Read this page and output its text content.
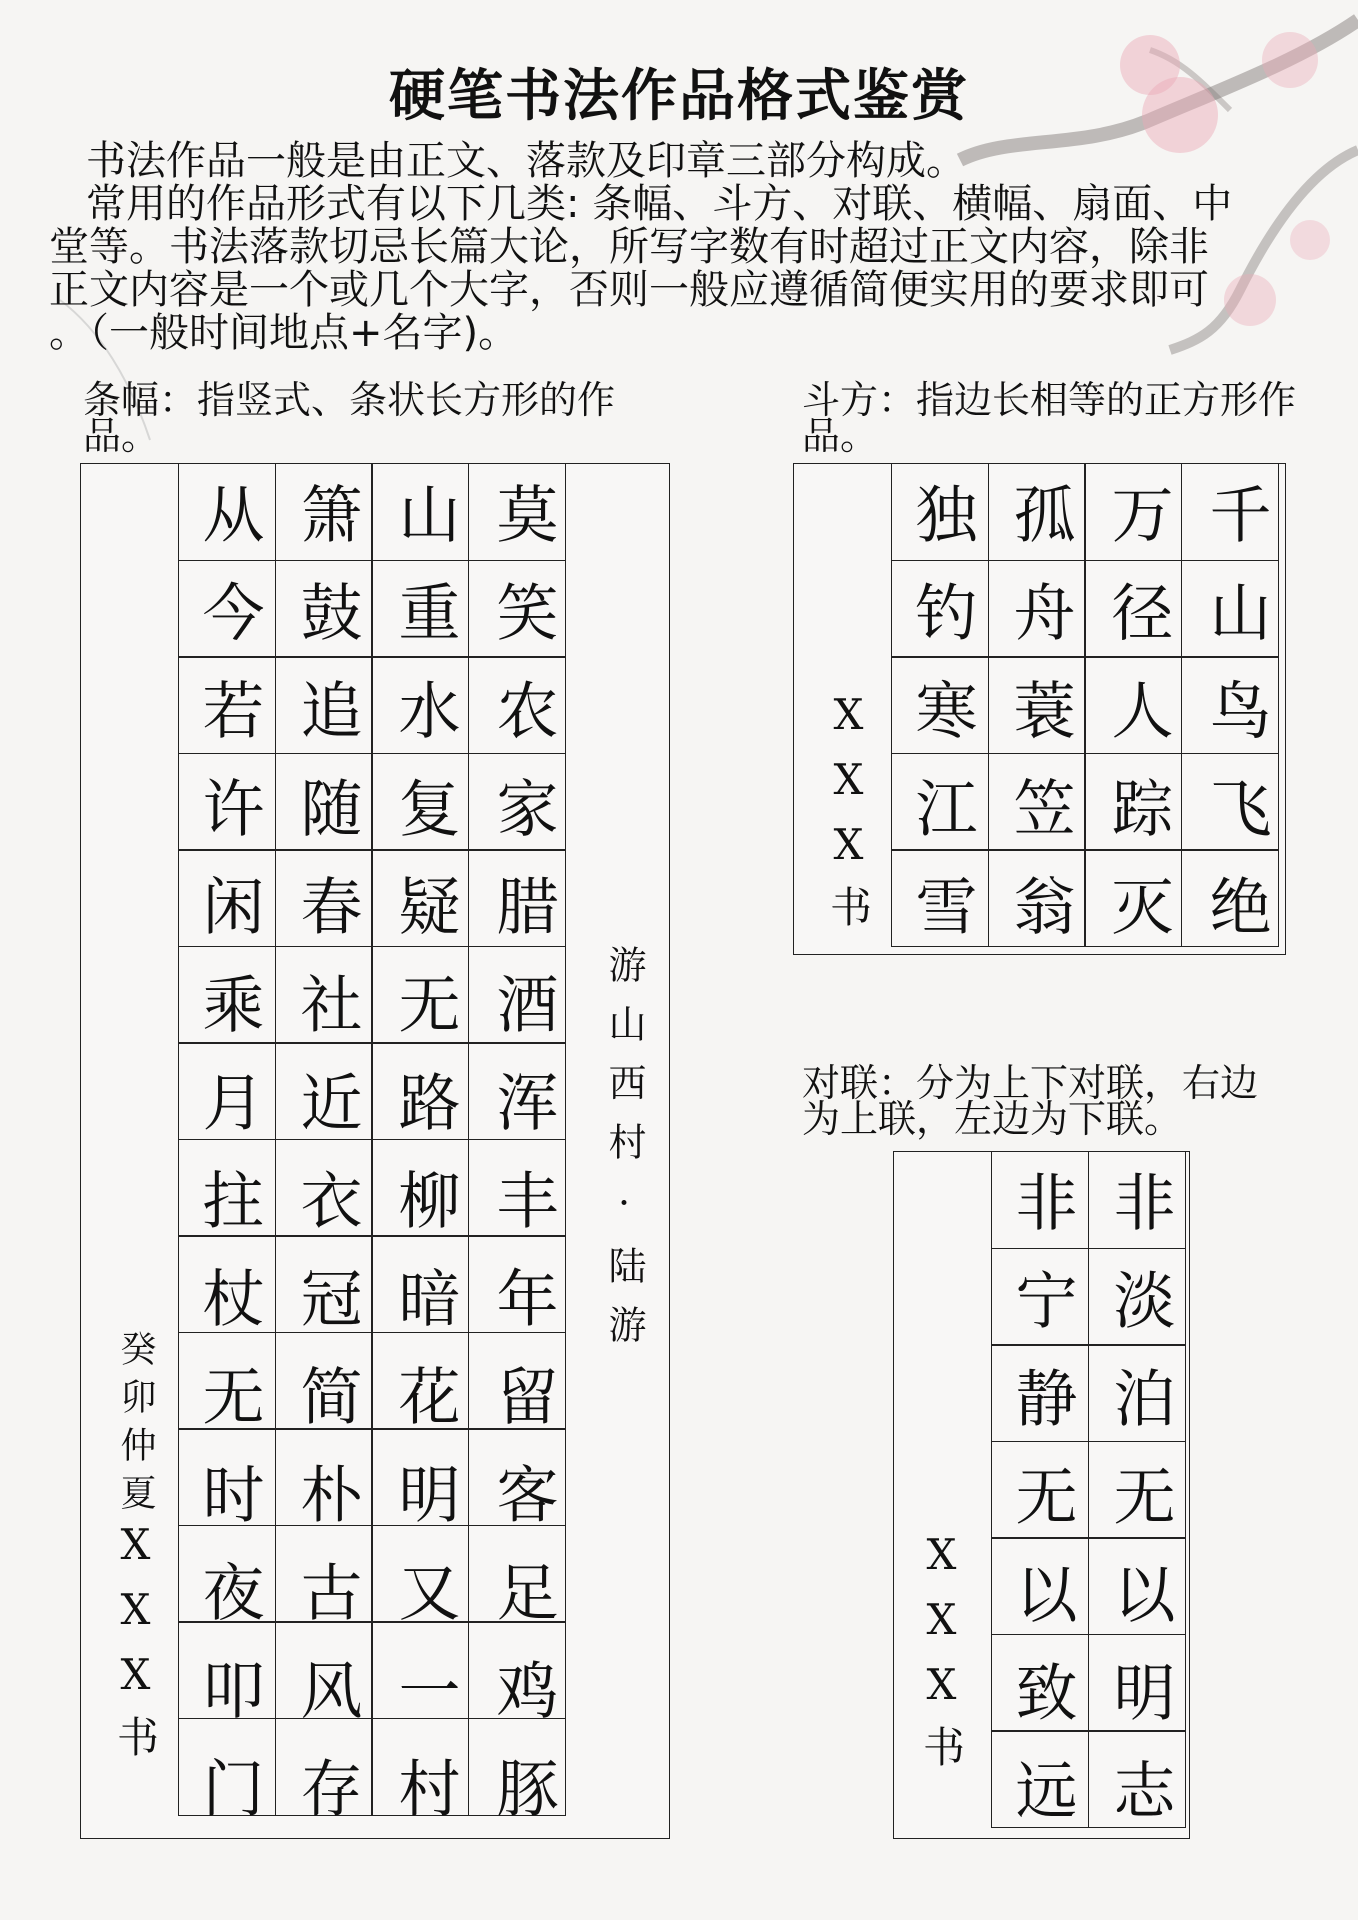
硬笔书法作品格式鉴赏
书法作品一般是由正文、落款及印章三部分构成。
常用的作品形式有以下几类: 条幅、斗方、对联、横幅、扇面、中
堂等。书法落款切忌长篇大论，所写字数有时超过正文内容，除非
正文内容是一个或几个大字，否则一般应遵循简便实用的要求即可
。（一般时间地点+名字)。
条幅：指竖式、条状长方形的作
品。
莫笑农家腊酒浑丰年留客足鸡豚
山重水复疑无路柳暗花明又一村
箫鼓追随春社近衣冠简朴古风存
从今若许闲乘月拄杖无时夜叩门	游山西村·陆游
癸卯仲夏
XXX书
斗方：指边长相等的正方形作
品。
千山鸟飞绝
万径人踪灭
孤舟蓑笠翁
独钓寒江雪
XXX书
对联：分为上下对联，右边
为上联，左边为下联。
非淡泊无以明志
非宁静无以致远
XXX书
